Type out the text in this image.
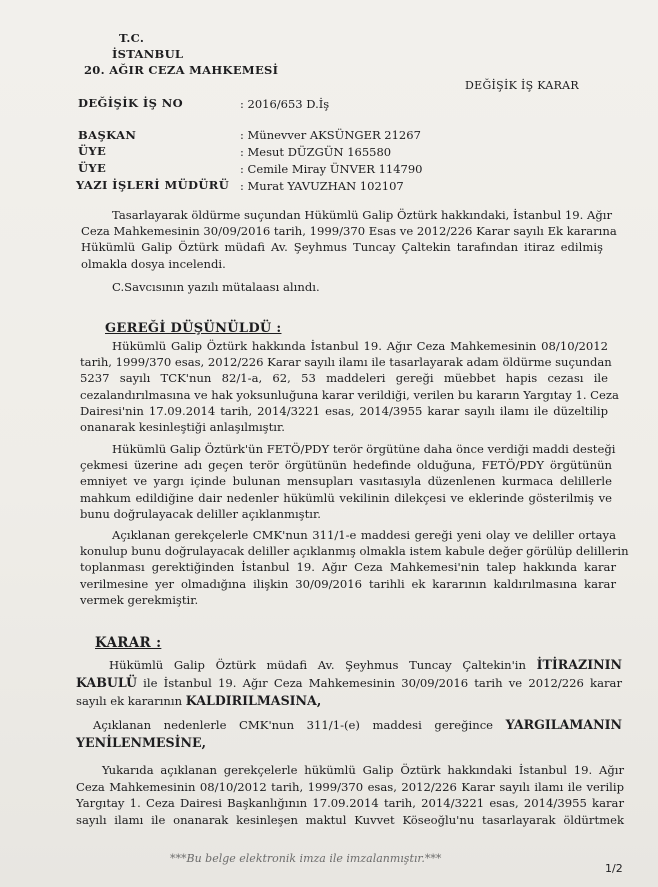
T.C.
İSTANBUL
20. AĞIR CEZA MAHKEMESİ
DEĞİŞİK İŞ KARAR
DEĞİŞİK İŞ NO	: 2016/653 D.İş
BAŞKAN	: Münevver AKSÜNGER 21267
ÜYE	: Mesut DÜZGÜN 165580
ÜYE	: Cemile Miray ÜNVER 114790
YAZI İŞLERİ MÜDÜRÜ : Murat YAVUZHAN 102107
Tasarlayarak öldürme suçundan Hükümlü Galip Öztürk hakkındaki, İstanbul 19. Ağır
Ceza Mahkemesinin 30/09/2016 tarih, 1999/370 Esas ve 2012/226 Karar sayılı Ek kararına
Hükümlü Galip Öztürk müdafi Av. Şeyhmus Tuncay Çaltekin tarafından itiraz edilmiş
olmakla dosya incelendi.
C.Savcısının yazılı mütalaası alındı.
GEREĞİ DÜŞÜNÜLDÜ :
Hükümlü Galip Öztürk hakkında İstanbul 19. Ağır Ceza Mahkemesinin 08/10/2012
tarih, 1999/370 esas, 2012/226 Karar sayılı ilamı ile tasarlayarak adam öldürme suçundan
5237 sayılı TCK'nun 82/1-a, 62, 53 maddeleri gereği müebbet hapis cezası ile
cezalandırılmasına ve hak yoksunluğuna karar verildiği, verilen bu kararın Yargıtay 1. Ceza
Dairesi'nin 17.09.2014 tarih, 2014/3221 esas, 2014/3955 karar sayılı ilamı ile düzeltilip
onanarak kesinleştiği anlaşılmıştır.
Hükümlü Galip Öztürk'ün FETÖ/PDY terör örgütüne daha önce verdiği maddi desteği
çekmesi üzerine adı geçen terör örgütünün hedefinde olduğuna, FETÖ/PDY örgütünün
emniyet ve yargı içinde bulunan mensupları vasıtasıyla düzenlenen kurmaca delillerle
mahkum edildiğine dair nedenler hükümlü vekilinin dilekçesi ve eklerinde gösterilmiş ve
bunu doğrulayacak deliller açıklanmıştır.
Açıklanan gerekçelerle CMK'nun 311/1-e maddesi gereği yeni olay ve deliller ortaya
konulup bunu doğrulayacak deliller açıklanmış olmakla istem kabule değer görülüp delillerin
toplanması gerektiğinden İstanbul 19. Ağır Ceza Mahkemesi'nin talep hakkında karar
verilmesine yer olmadığına ilişkin 30/09/2016 tarihli ek kararının kaldırılmasına karar
vermek gerekmiştir.
KARAR :
Hükümlü Galip Öztürk müdafi Av. Şeyhmus Tuncay Çaltekin'in İTİRAZININ
KABULÜ ile İstanbul 19. Ağır Ceza Mahkemesinin 30/09/2016 tarih ve 2012/226 karar
sayılı ek kararının KALDIRILMASINA,
Açıklanan nedenlerle CMK'nun 311/1-(e) maddesi gereğince YARGILAMANIN
YENİLENMESİNE,
Yukarıda açıklanan gerekçelerle hükümlü Galip Öztürk hakkındaki İstanbul 19. Ağır
Ceza Mahkemesinin 08/10/2012 tarih, 1999/370 esas, 2012/226 Karar sayılı ilamı ile verilip
Yargıtay 1. Ceza Dairesi Başkanlığının 17.09.2014 tarih, 2014/3221 esas, 2014/3955 karar
sayılı ilamı ile onanarak kesinleşen maktul Kuvvet Köseoğlu'nu tasarlayarak öldürtmek
***Bu belge elektronik imza ile imzalanmıştır.***
1/2
